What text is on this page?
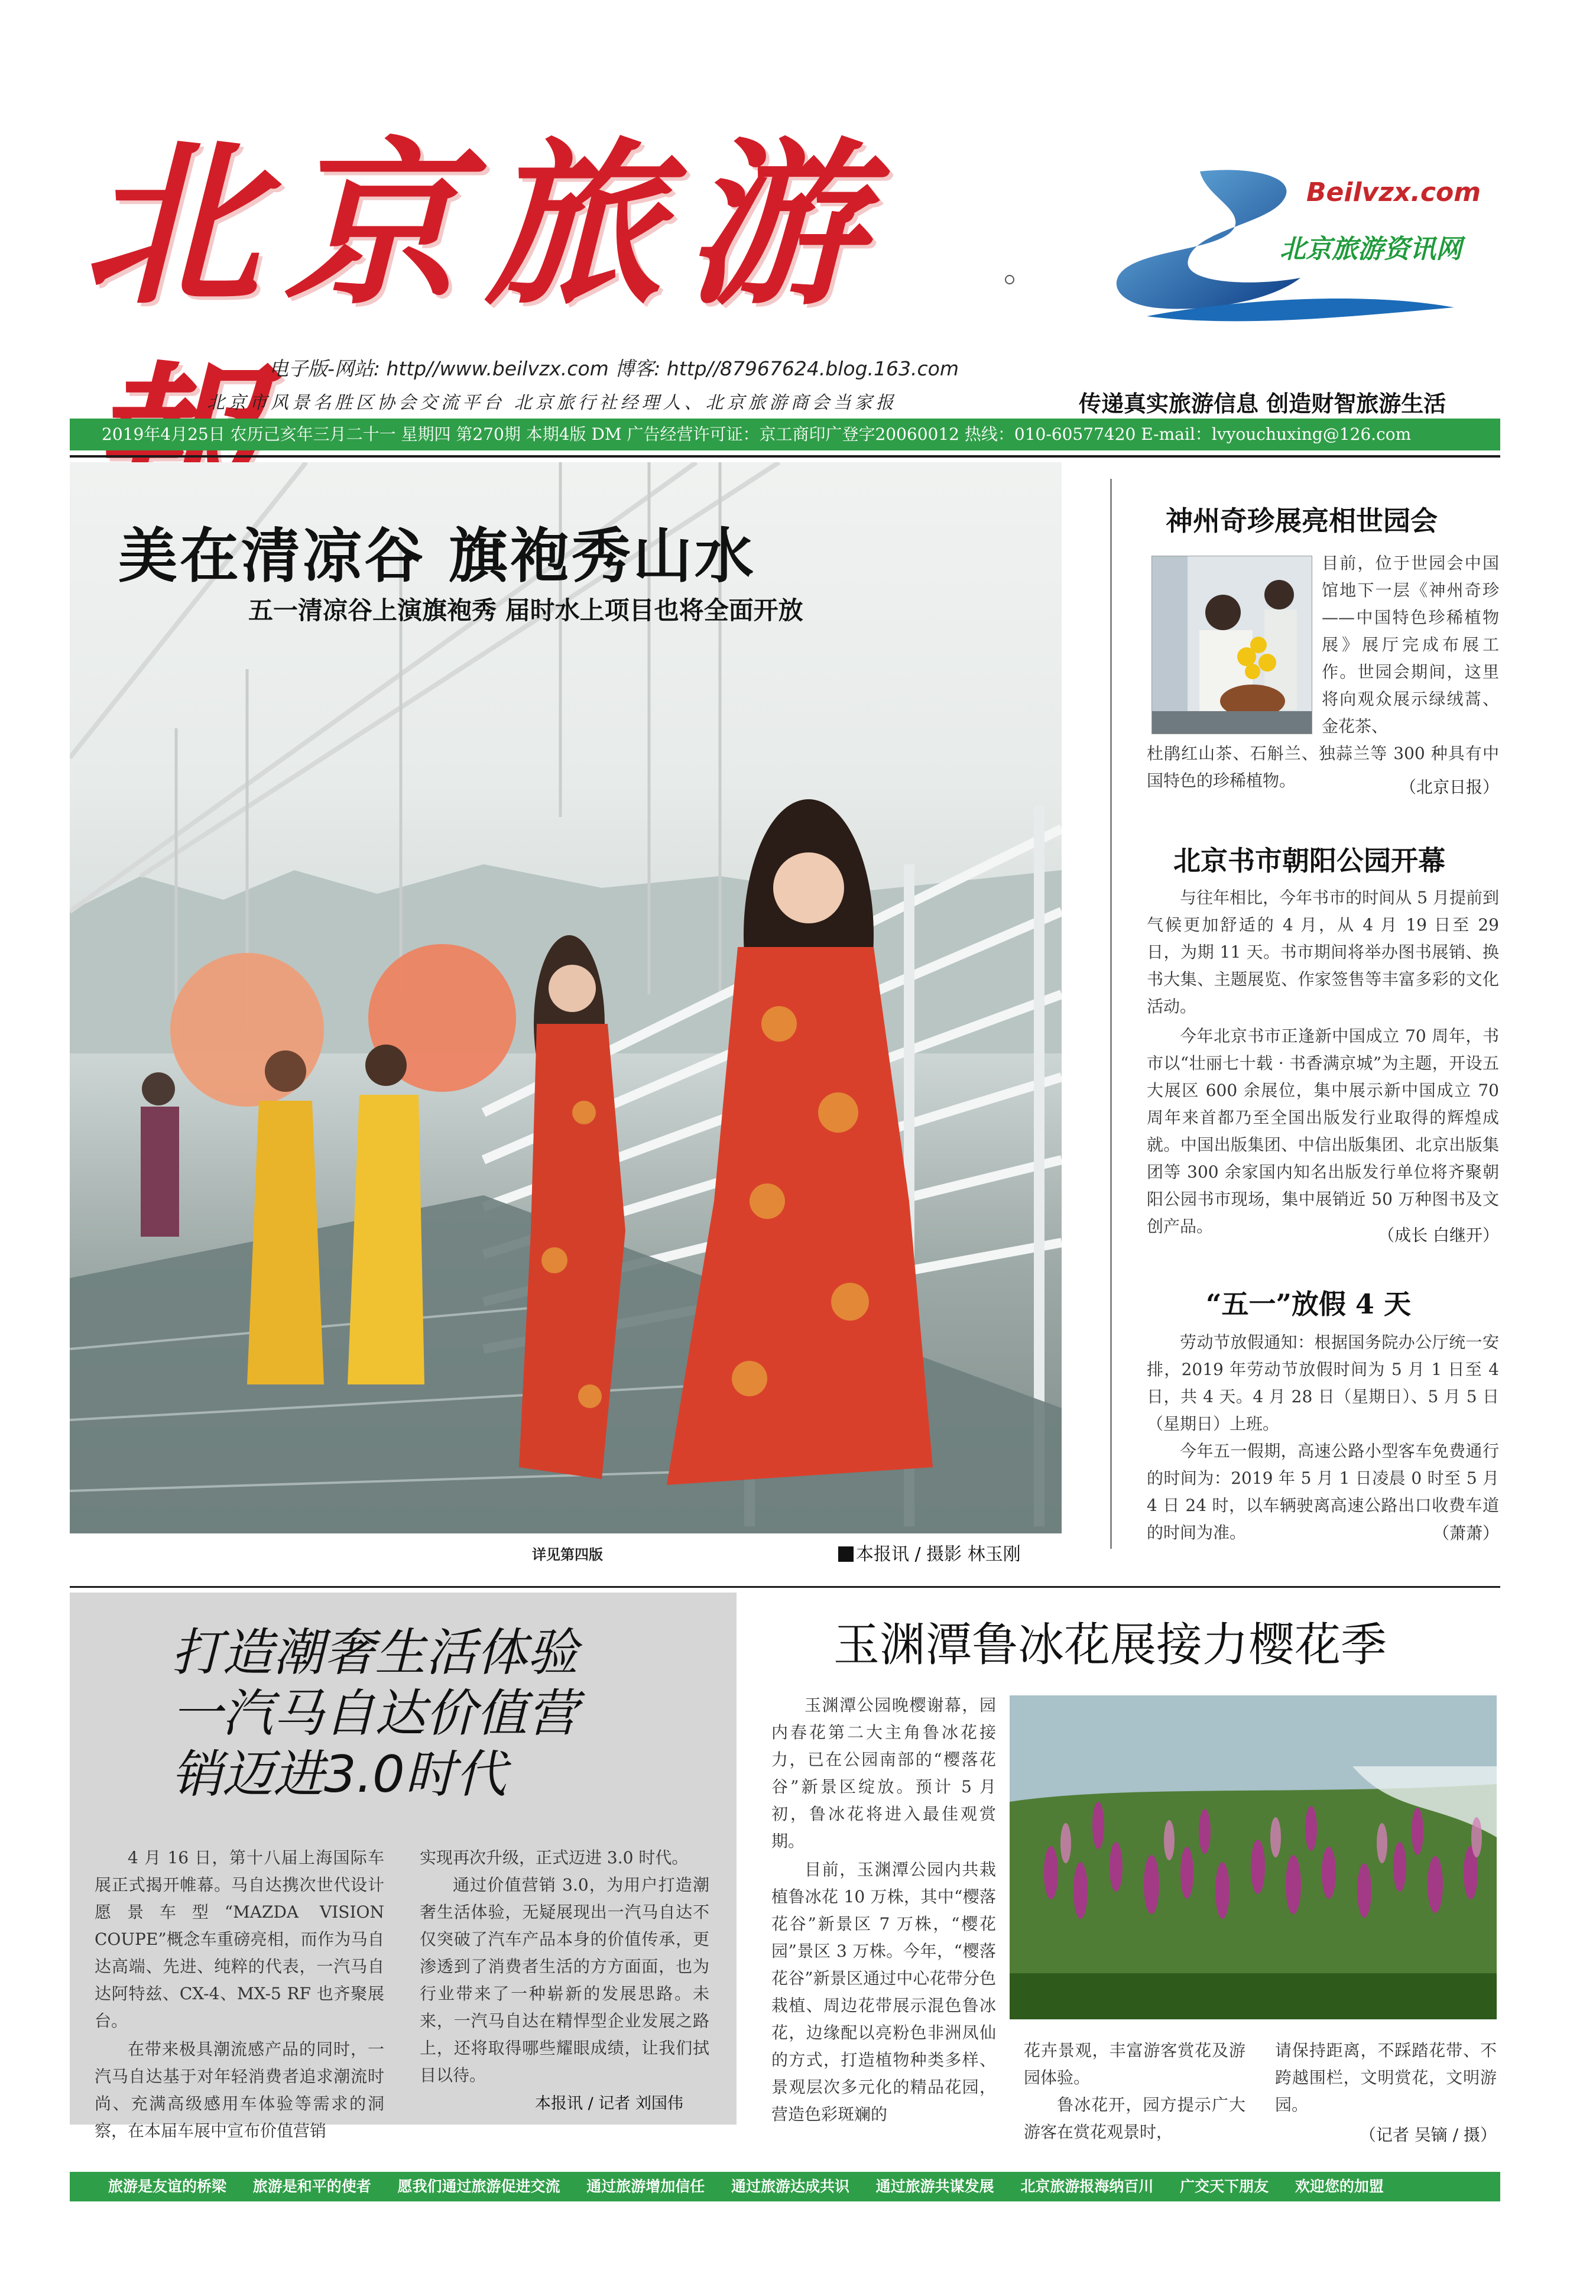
北京旅游	Beilvzx.com
北京旅游资讯网
电子版-网站: http//www.beilvzx.com 博客: http//87967624.blog.163.com
北京市风景名胜区协会交流平台 北京旅行社经理人、北京旅游商会当家报	传递真实旅游信息 创造财智旅游生活
2019年4月25日 农历己亥年三月二十一 星期四 第270期 本期4版 DM 广告经营许可证：京工商印广登字20060012 热线：010-60577420 E-mail：lvyouchuxing@126.com
美在清凉谷 旗袍秀山水
五一清凉谷上演旗袍秀 届时水上项目也将全面开放
详见第四版	本报讯 / 摄影 林玉刚
神州奇珍展亮相世园会
目前，位于世园会中国馆地下一层《神州奇珍——中国特色珍稀植物展》展厅完成布展工作。世园会期间，这里将向观众展示绿绒蒿、金花茶、
杜鹃红山茶、石斛兰、独蒜兰等 300 种具有中国特色的珍稀植物。	（北京日报）
北京书市朝阳公园开幕
与往年相比，今年书市的时间从 5 月提前到气候更加舒适的 4 月，从 4 月 19 日至 29 日，为期 11 天。书市期间将举办图书展销、换书大集、主题展览、作家签售等丰富多彩的文化活动。
今年北京书市正逢新中国成立 70 周年，书市以“壮丽七十载 · 书香满京城”为主题，开设五大展区 600 余展位，集中展示新中国成立 70 周年来首都乃至全国出版发行业取得的辉煌成就。中国出版集团、中信出版集团、北京出版集团等 300 余家国内知名出版发行单位将齐聚朝阳公园书市现场，集中展销近 50 万种图书及文创产品。	（成长 白继开）
“五一”放假 4 天
劳动节放假通知：根据国务院办公厅统一安排，2019 年劳动节放假时间为 5 月 1 日至 4 日，共 4 天。4 月 28 日（星期日）、5 月 5 日（星期日）上班。
今年五一假期，高速公路小型客车免费通行的时间为：2019 年 5 月 1 日凌晨 0 时至 5 月 4 日 24 时，以车辆驶离高速公路出口收费车道的时间为准。	（萧萧）
打造潮奢生活体验
一汽马自达价值营
销迈进3.0时代
4 月 16 日，第十八届上海国际车展正式揭开帷幕。马自达携次世代设计愿景车型“MAZDA VISION COUPE”概念车重磅亮相，而作为马自达高端、先进、纯粹的代表，一汽马自达阿特兹、CX-4、MX-5 RF 也齐聚展台。
在带来极具潮流感产品的同时，一汽马自达基于对年轻消费者追求潮流时尚、充满高级感用车体验等需求的洞察，在本届车展中宣布价值营销
实现再次升级，正式迈进 3.0 时代。
通过价值营销 3.0，为用户打造潮奢生活体验，无疑展现出一汽马自达不仅突破了汽车产品本身的价值传承，更渗透到了消费者生活的方方面面，也为行业带来了一种崭新的发展思路。未来，一汽马自达在精悍型企业发展之路上，还将取得哪些耀眼成绩，让我们拭目以待。
本报讯 / 记者 刘国伟
玉渊潭鲁冰花展接力樱花季
玉渊潭公园晚樱谢幕，园内春花第二大主角鲁冰花接力，已在公园南部的“樱落花谷”新景区绽放。预计 5 月初，鲁冰花将进入最佳观赏期。
目前，玉渊潭公园内共栽植鲁冰花 10 万株，其中“樱落花谷”新景区 7 万株，“樱花园”景区 3 万株。今年，“樱落花谷”新景区通过中心花带分色栽植、周边花带展示混色鲁冰花，边缘配以亮粉色非洲凤仙的方式，打造植物种类多样、景观层次多元化的精品花园，营造色彩斑斓的
花卉景观，丰富游客赏花及游园体验。
鲁冰花开，园方提示广大游客在赏花观景时，
请保持距离，不踩踏花带、不跨越围栏，文明赏花，文明游园。
（记者 吴镝 / 摄）
旅游是友谊的桥梁 旅游是和平的使者 愿我们通过旅游促进交流 通过旅游增加信任 通过旅游达成共识 通过旅游共谋发展 北京旅游报海纳百川 广交天下朋友 欢迎您的加盟
